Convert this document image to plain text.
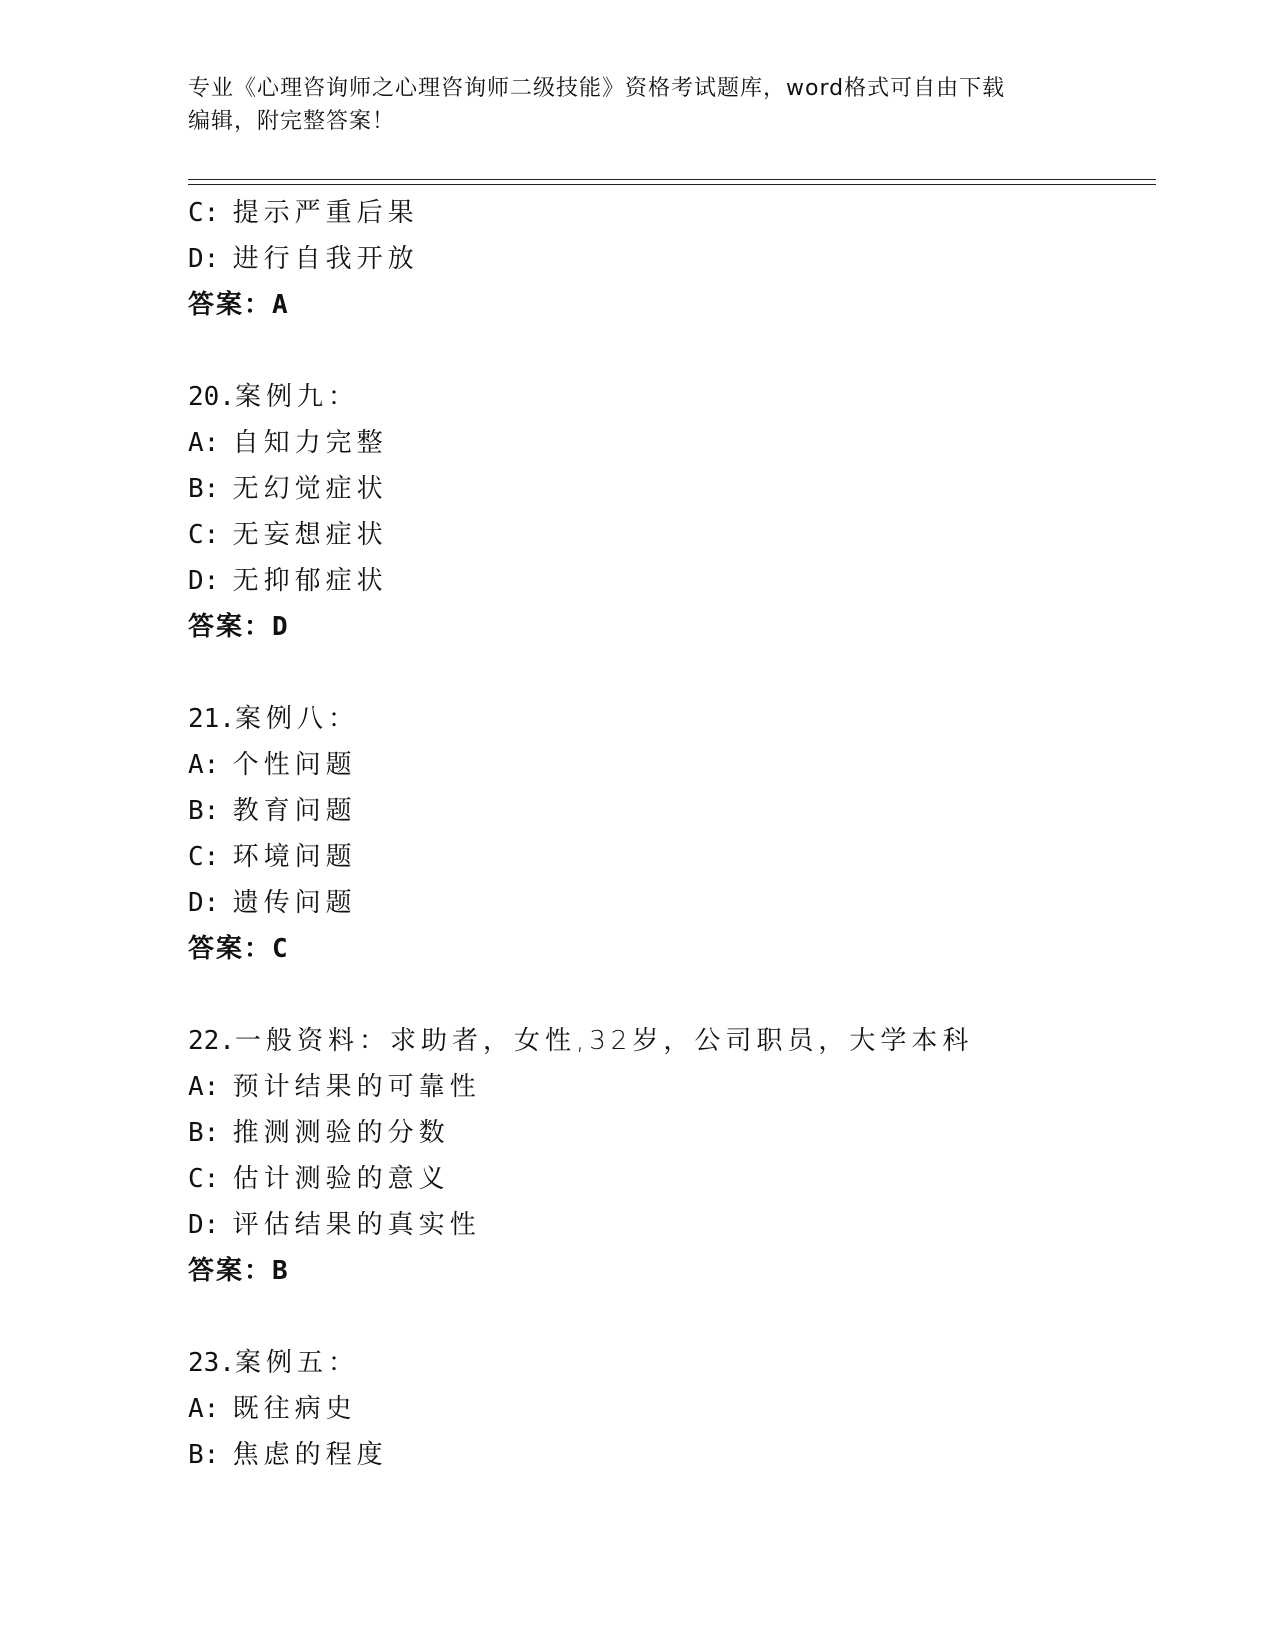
专业《心理咨询师之心理咨询师二级技能》资格考试题库，word格式可自由下载
编辑，附完整答案！
C: 提示严重后果
D: 进行自我开放
答案：A
20.案例九：
A: 自知力完整
B: 无幻觉症状
C: 无妄想症状
D: 无抑郁症状
答案：D
21.案例八：
A: 个性问题
B: 教育问题
C: 环境问题
D: 遗传问题
答案：C
22.一般资料：求助者，女性,32岁，公司职员，大学本科
A: 预计结果的可靠性
B: 推测测验的分数
C: 估计测验的意义
D: 评估结果的真实性
答案：B
23.案例五：
A: 既往病史
B: 焦虑的程度
